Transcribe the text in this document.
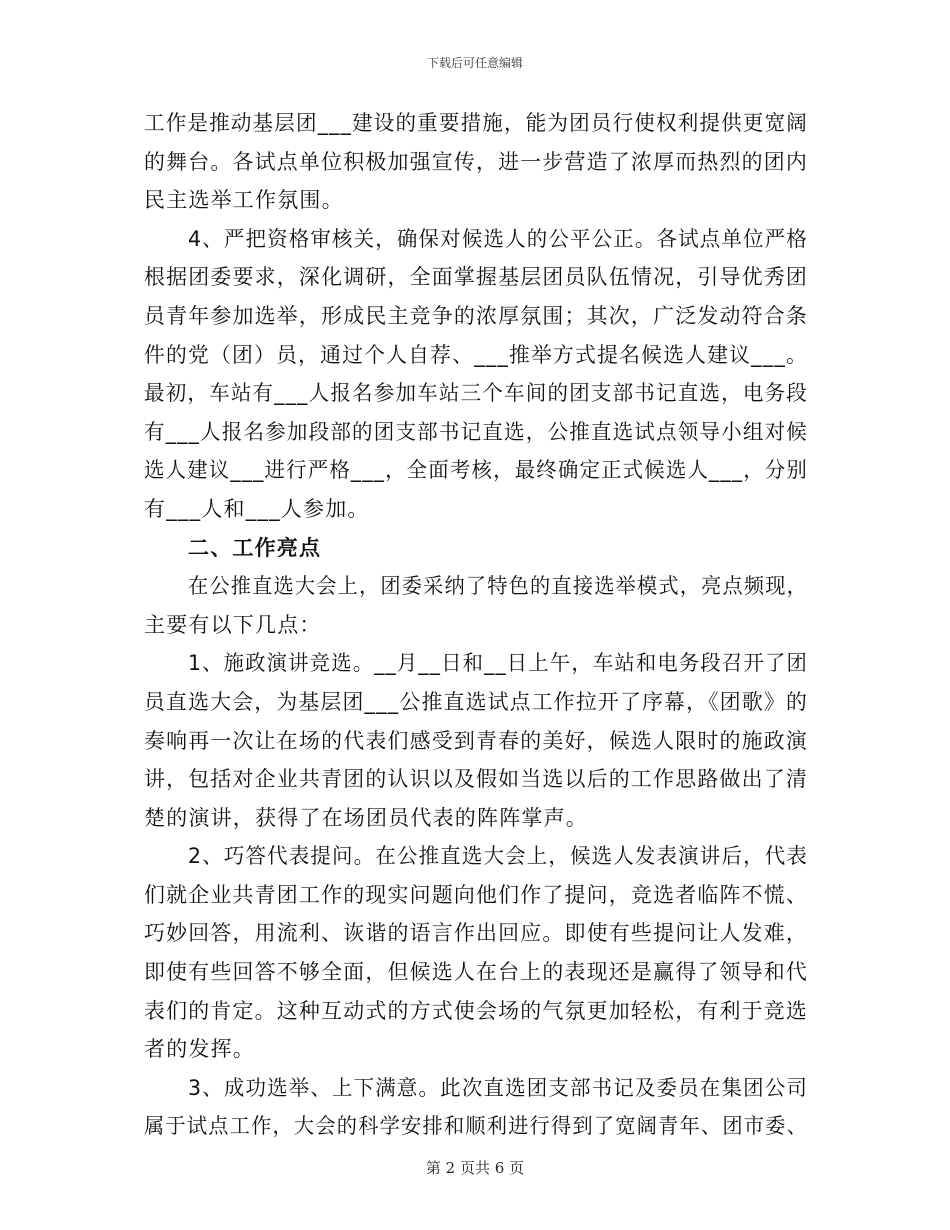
下载后可任意编辑
工作是推动基层团___建设的重要措施，能为团员行使权利提供更宽阔
的舞台。各试点单位积极加强宣传，进一步营造了浓厚而热烈的团内
民主选举工作氛围。
4、严把资格审核关，确保对候选人的公平公正。各试点单位严格
根据团委要求，深化调研，全面掌握基层团员队伍情况，引导优秀团
员青年参加选举，形成民主竞争的浓厚氛围；其次，广泛发动符合条
件的党（团）员，通过个人自荐、___推举方式提名候选人建议___。
最初，车站有___人报名参加车站三个车间的团支部书记直选，电务段
有___人报名参加段部的团支部书记直选，公推直选试点领导小组对候
选人建议___进行严格___，全面考核，最终确定正式候选人___，分别
有___人和___人参加。
二、工作亮点
在公推直选大会上，团委采纳了特色的直接选举模式，亮点频现，
主要有以下几点：
1、施政演讲竞选。__月__日和__日上午，车站和电务段召开了团
员直选大会，为基层团___公推直选试点工作拉开了序幕，《团歌》的
奏响再一次让在场的代表们感受到青春的美好，候选人限时的施政演
讲，包括对企业共青团的认识以及假如当选以后的工作思路做出了清
楚的演讲，获得了在场团员代表的阵阵掌声。
2、巧答代表提问。在公推直选大会上，候选人发表演讲后，代表
们就企业共青团工作的现实问题向他们作了提问，竞选者临阵不慌、
巧妙回答，用流利、诙谐的语言作出回应。即使有些提问让人发难，
即使有些回答不够全面，但候选人在台上的表现还是赢得了领导和代
表们的肯定。这种互动式的方式使会场的气氛更加轻松，有利于竞选
者的发挥。
3、成功选举、上下满意。此次直选团支部书记及委员在集团公司
属于试点工作，大会的科学安排和顺利进行得到了宽阔青年、团市委、
第 2 页共 6 页
